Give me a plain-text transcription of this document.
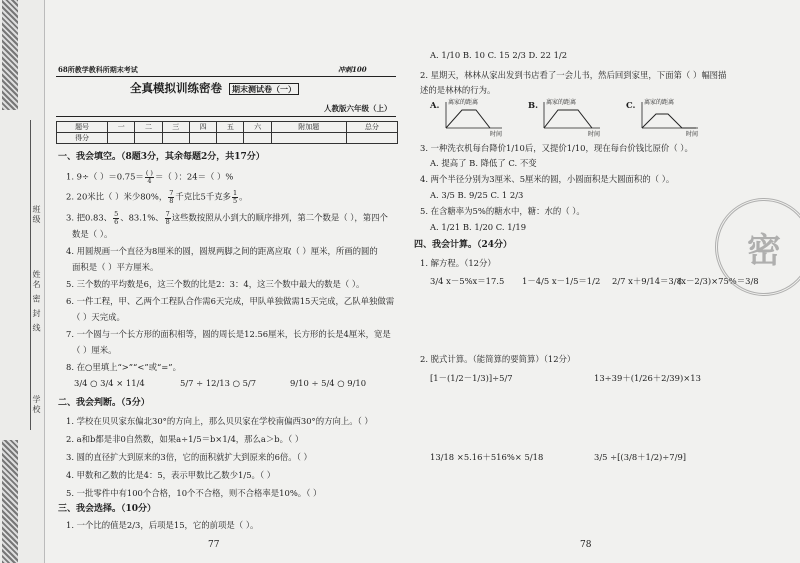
班级
姓名 密 封 线
学校
68所教学教科所期末考试	冲刺100
全真模拟训练密卷 期末测试卷（一）
人教版六年级（上）
题号	一	二	三	四	五	六	附加题	总分
得分								
一、我会填空。（8题3分，其余每题2分，共17分）
1. 9÷（ ）＝0.75＝ ( )
4 ＝（ ）：24＝（ ）%
2. 20米比（ ）米少80%， $\frac{7}{8}$ 千克比5千克多 $\frac{1}{5}$ 。
3. 把0.83、 $\frac{5}{6}$ 、83.1%、 $\frac{7}{8}$ 这些数按照从小到大的顺序排列，第二个数是（ ），第四个
数是（ ）。
4. 用圆规画一个直径为8厘米的圆，圆规两脚之间的距离应取（ ）厘米，所画的圆的
面积是（ ）平方厘米。
5. 三个数的平均数是6，这三个数的比是2：3：4，这三个数中最大的数是（ ）。
6. 一件工程，甲、乙两个工程队合作需6天完成，甲队单独做需15天完成，乙队单独做需
（ ）天完成。
7. 一个圆与一个长方形的面积相等，圆的周长是12.56厘米，长方形的长是4厘米，宽是
（ ）厘米。
8. 在○里填上“>”“<”或“=”。
3/4 ○ 3/4 × 11/4	5/7 ÷ 12/13 ○ 5/7	9/10 ÷ 5/4 ○ 9/10
二、我会判断。（5分）
1. 学校在贝贝家东偏北30°的方向上，那么贝贝家在学校南偏西30°的方向上。（ ）
2. a和b都是非0自然数，如果a÷1/5＝b×1/4，那么a＞b。（ ）
3. 圆的直径扩大到原来的3倍，它的面积就扩大到原来的6倍。（ ）
4. 甲数和乙数的比是4：5，表示甲数比乙数少1/5。（ ）
5. 一批零件中有100个合格，10个不合格，则不合格率是10%。（ ）
三、我会选择。（10分）
1. 一个比的值是2/3，后项是15，它的前项是（ ）。
77
A. 1/10 B. 10 C. 15 2/3 D. 22 1/2
2. 星期天，林林从家出发到书店看了一会儿书，然后回到家里，下面第（ ）幅图描
述的是林林的行为。
A. 离家的距离
时间
B. 离家的距离
时间
C. 离家的距离
时间
3. 一种洗衣机每台降价1/10后，又提价1/10，现在每台价钱比原价（ ）。
A. 提高了 B. 降低了 C. 不变
4. 两个半径分别为3厘米、5厘米的圆，小圆面积是大圆面积的（ ）。
A. 3/5 B. 9/25 C. 1 2/3
5. 在含糖率为5%的糖水中，糖：水的（ ）。
A. 1/21 B. 1/20 C. 1/19
四、我会计算。（24分）
1. 解方程。（12分）
3/4 x－5%x＝17.5 1－4/5 x－1/5＝1/2 2/7 x＋9/14＝3/8
(x－2/3)×75%＝3/8
2. 脱式计算。（能简算的要简算）（12分）
[1－(1/2－1/3)]÷5/7	13÷39＋(1/26＋2/39)×13
13/18 ×5.16＋516%× 5/18	3/5 ÷[(3/8＋1/2)÷7/9]
78
密
